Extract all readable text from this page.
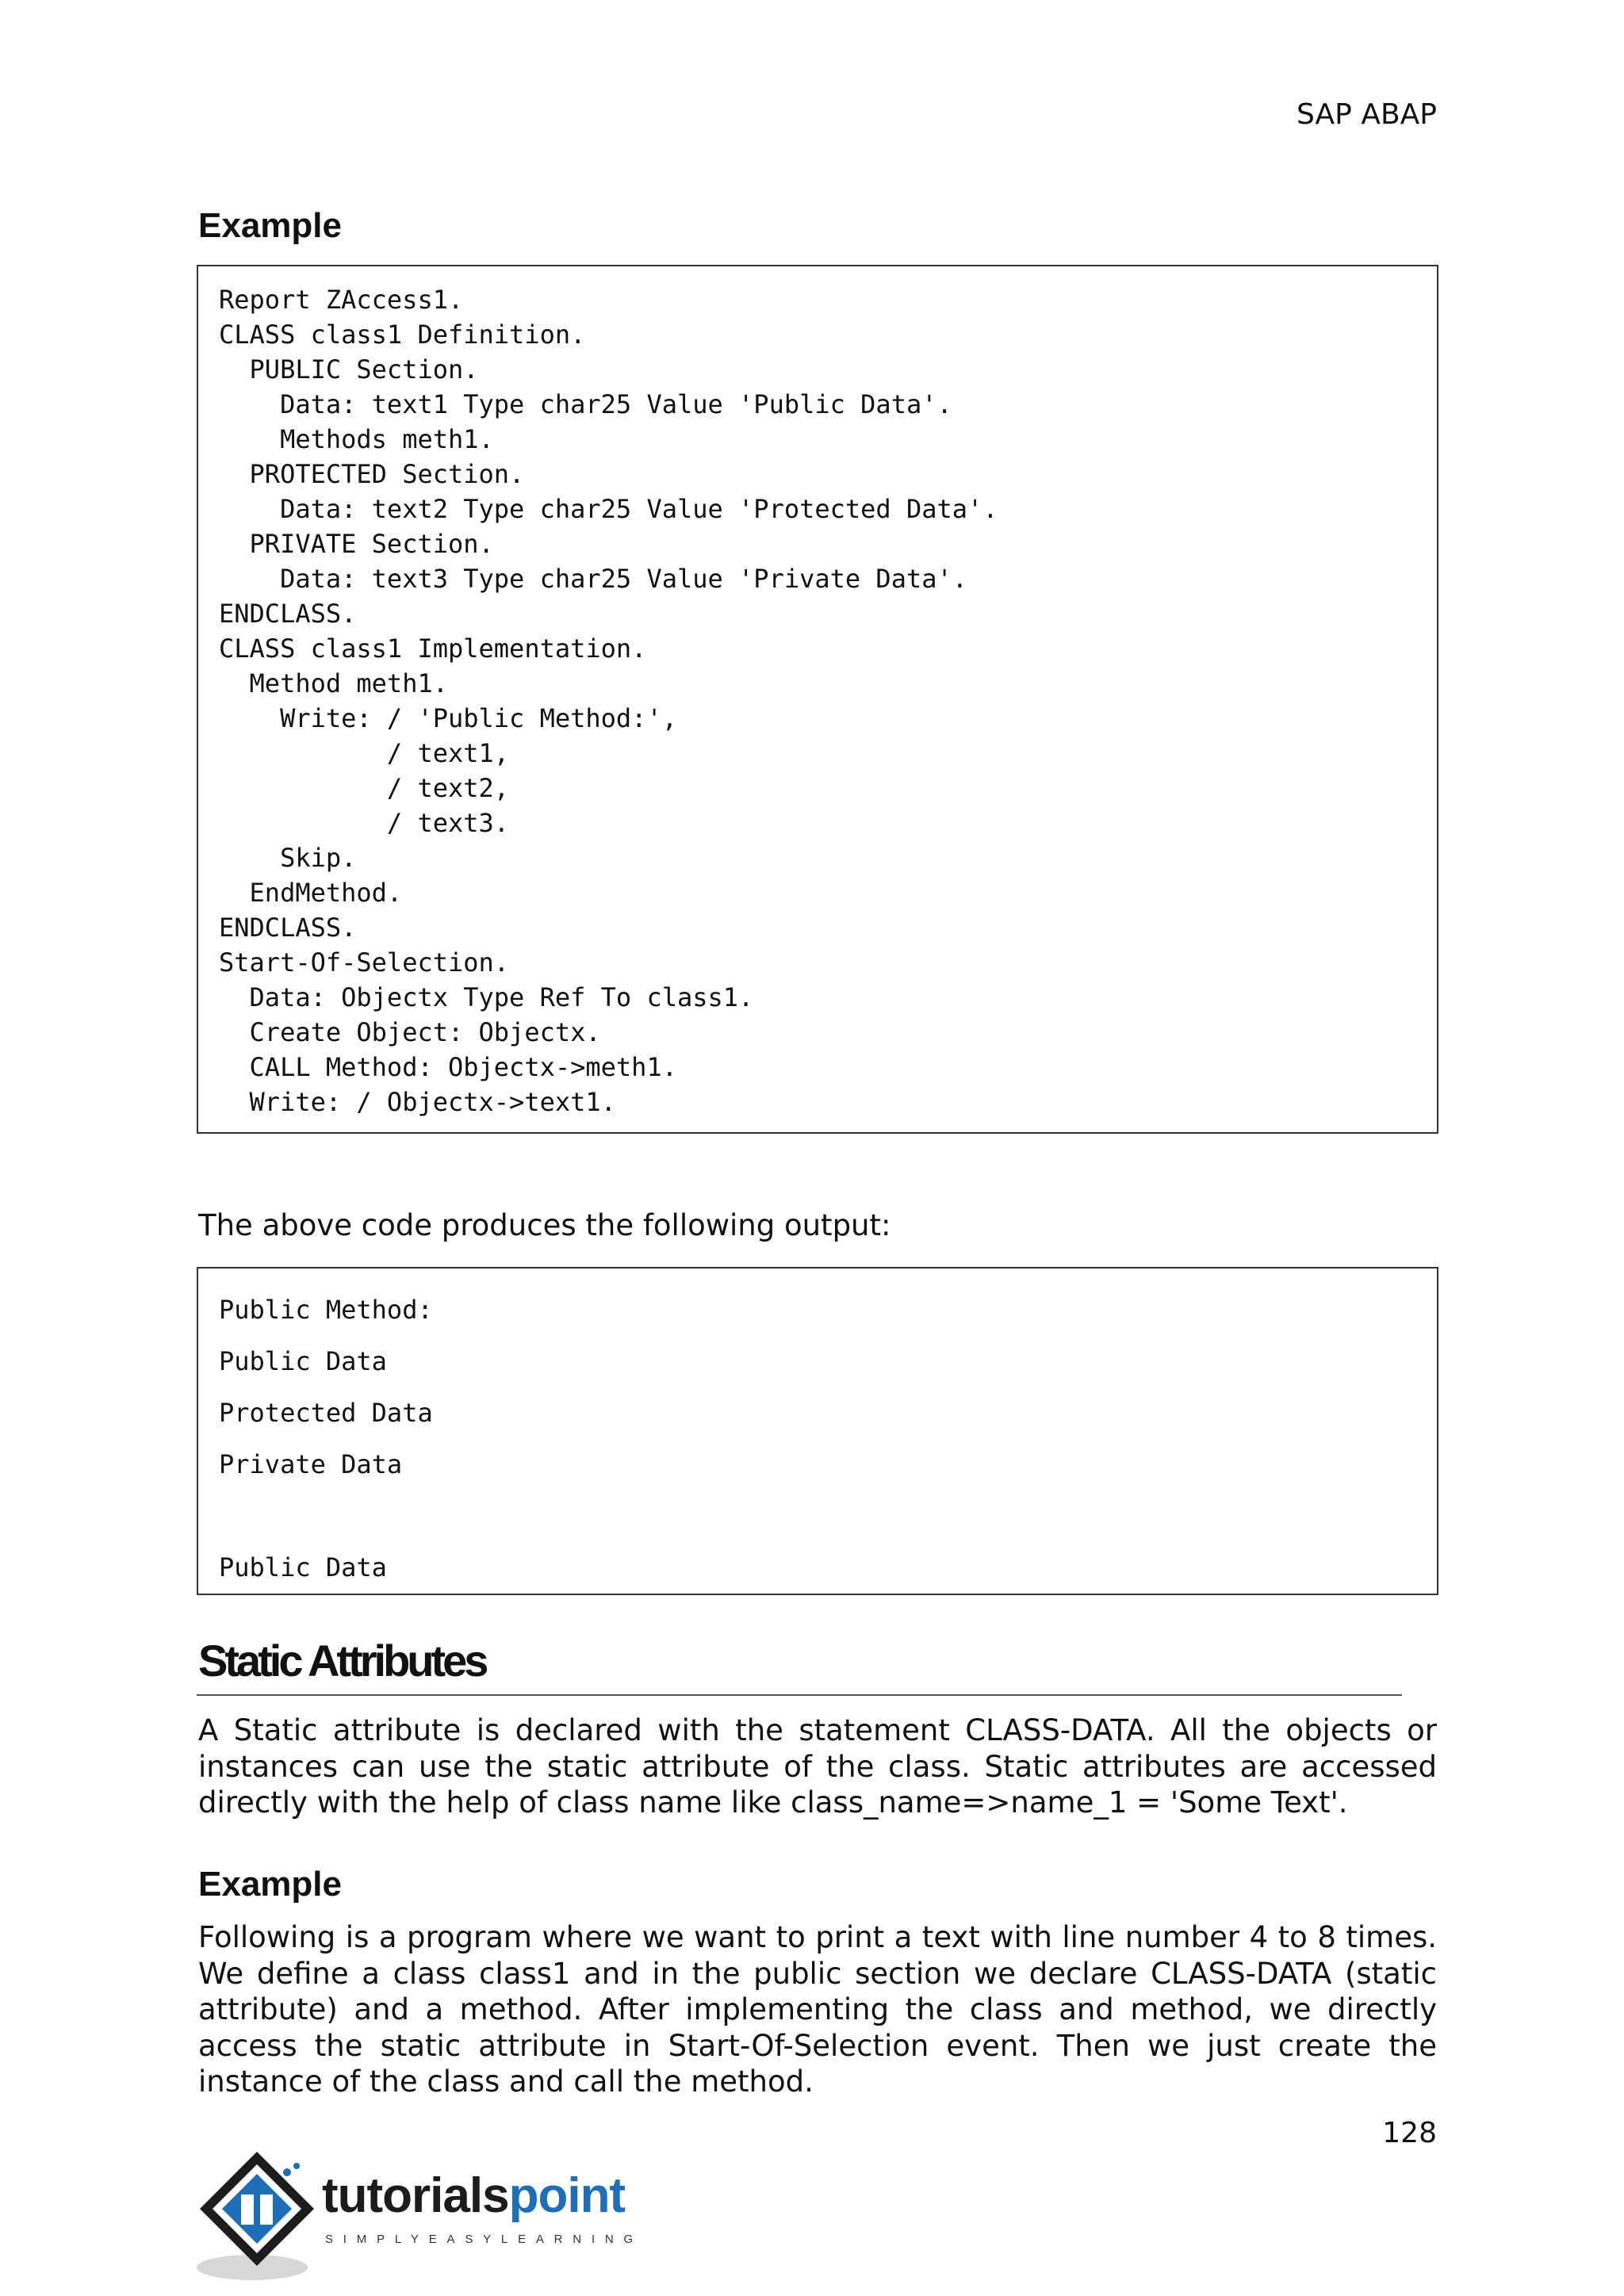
SAP ABAP
Example
Report ZAccess1.
CLASS class1 Definition.
PUBLIC Section.
Data: text1 Type char25 Value 'Public Data'.
Methods meth1.
PROTECTED Section.
Data: text2 Type char25 Value 'Protected Data'.
PRIVATE Section.
Data: text3 Type char25 Value 'Private Data'.
ENDCLASS.
CLASS class1 Implementation.
Method meth1.
Write: / 'Public Method:',
/ text1,
/ text2,
/ text3.
Skip.
EndMethod.
ENDCLASS.
Start-Of-Selection.
Data: Objectx Type Ref To class1.
Create Object: Objectx.
CALL Method: Objectx->meth1.
Write: / Objectx->text1.
The above code produces the following output:
Public Method:
Public Data
Protected Data
Private Data
Public Data
Static Attributes
A Static attribute is declared with the statement CLASS-DATA. All the objects or instances can use the static attribute of the class. Static attributes are accessed directly with the help of class name like class_name=>name_1 = 'Some Text'.
Example
Following is a program where we want to print a text with line number 4 to 8 times. We define a class class1 and in the public section we declare CLASS-DATA (static attribute) and a method. After implementing the class and method, we directly access the static attribute in Start-Of-Selection event. Then we just create the instance of the class and call the method.
128
tutorialspoint
SIMPLYEASYLEARNING
